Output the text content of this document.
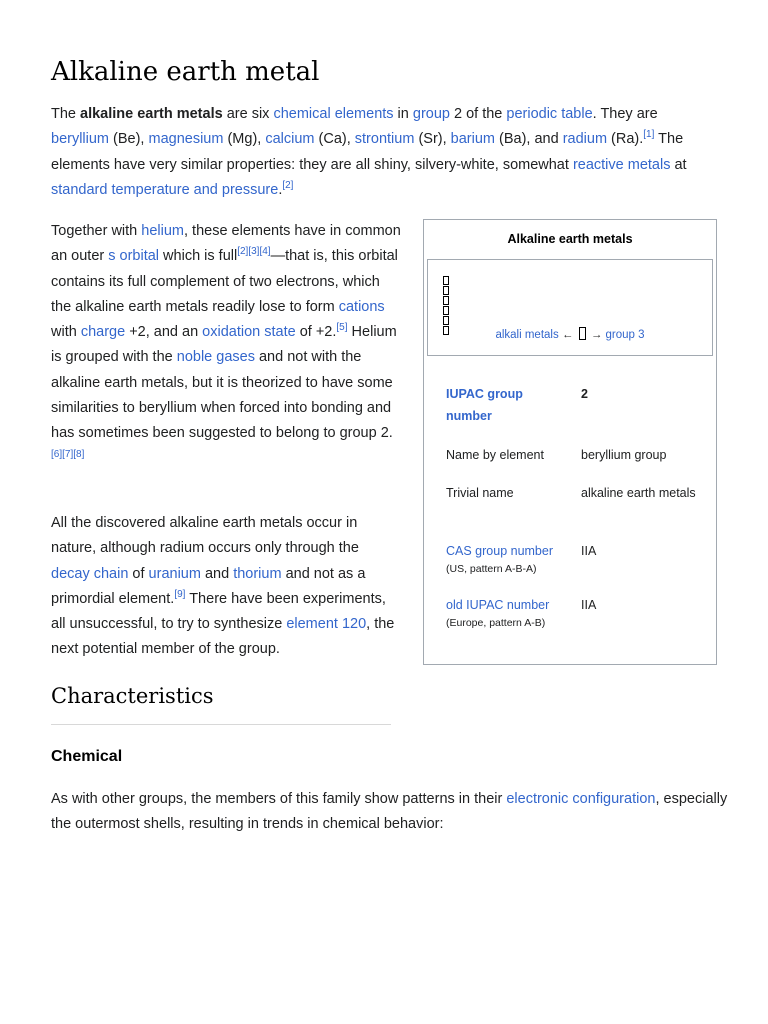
Alkaline earth metal

The alkaline earth metals are six chemical elements in group 2 of the periodic table. They are
beryllium (Be), magnesium (Mg), calcium (Ca), strontium (Sr), barium (Ba), and radium (Ra).[1] The elements have very similar properties: they are all shiny, silvery-white, somewhat reactive metals at
standard temperature and pressure.[2]

Together with helium, these elements have in common an outer s orbital which is full[2][3][4]—that is, this orbital contains its full complement of two electrons, which the alkaline earth metals readily lose to form cations with charge +2, and an oxidation state of +2.[5] Helium is grouped with the noble gases and not with the alkaline earth metals, but it is theorized to have some similarities to beryllium when forced into bonding and has sometimes been suggested to belong to group 2.[6][7][8]

All the discovered alkaline earth metals occur in nature, although radium occurs only through the decay chain of uranium and thorium and not as a primordial element.[9] There have been experiments, all unsuccessful, to try to synthesize element 120, the next potential member of the group.

Alkaline earth metals
alkali metals ← → group 3
IUPAC group number
2
Name by element	beryllium group
Trivial name	alkaline earth metals
CAS group number
(US, pattern A-B-A)
IIA
old IUPAC number
(Europe, pattern A-B)
IIA
Characteristics
Chemical

As with other groups, the members of this family show patterns in their electronic configuration, especially the outermost shells, resulting in trends in chemical behavior:
